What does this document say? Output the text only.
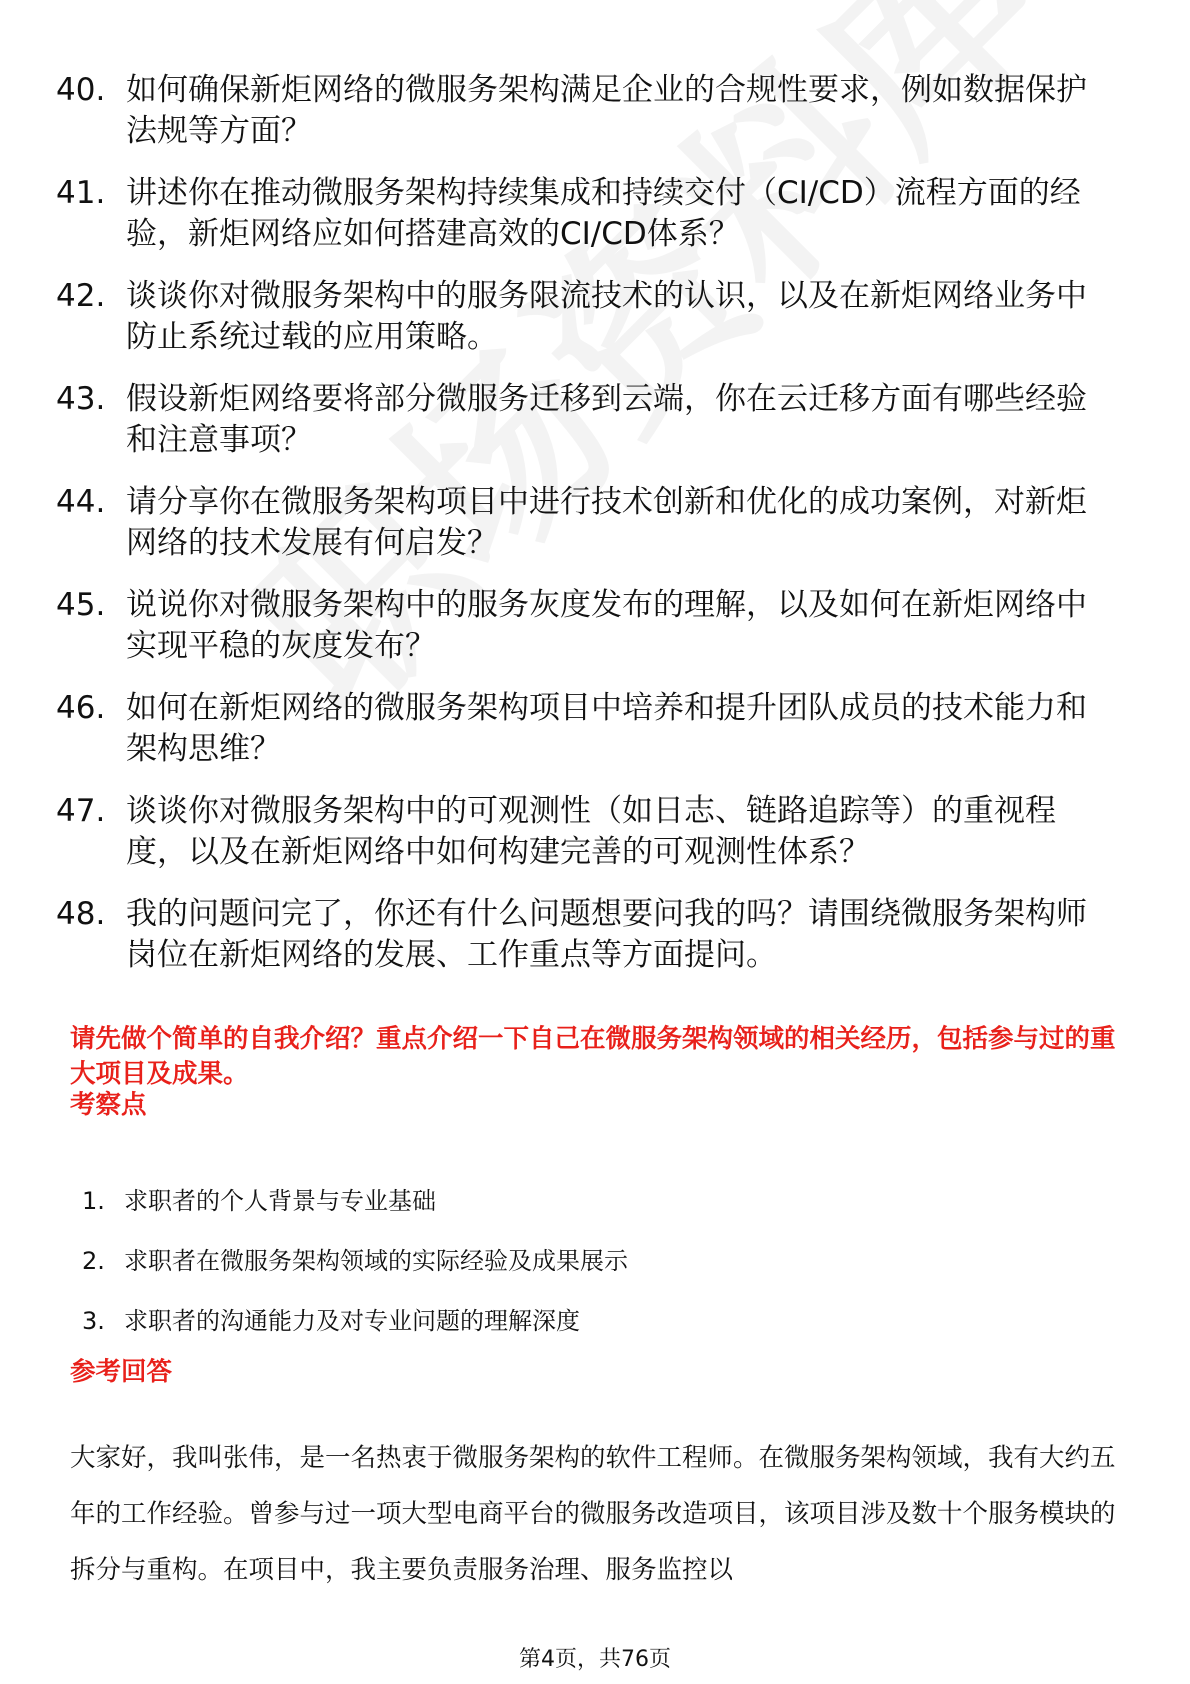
40. 如何确保新炬网络的微服务架构满足企业的合规性要求，例如数据保护法规等方面？
41. 讲述你在推动微服务架构持续集成和持续交付（CI/CD）流程方面的经验，新炬网络应如何搭建高效的CI/CD体系？
42. 谈谈你对微服务架构中的服务限流技术的认识，以及在新炬网络业务中防止系统过载的应用策略。
43. 假设新炬网络要将部分微服务迁移到云端，你在云迁移方面有哪些经验和注意事项？
44. 请分享你在微服务架构项目中进行技术创新和优化的成功案例，对新炬网络的技术发展有何启发？
45. 说说你对微服务架构中的服务灰度发布的理解，以及如何在新炬网络中实现平稳的灰度发布？
46. 如何在新炬网络的微服务架构项目中培养和提升团队成员的技术能力和架构思维？
47. 谈谈你对微服务架构中的可观测性（如日志、链路追踪等）的重视程度，以及在新炬网络中如何构建完善的可观测性体系？
48. 我的问题问完了，你还有什么问题想要问我的吗？请围绕微服务架构师岗位在新炬网络的发展、工作重点等方面提问。
请先做个简单的自我介绍？重点介绍一下自己在微服务架构领域的相关经历，包括参与过的重大项目及成果。
考察点
1. 求职者的个人背景与专业基础
2. 求职者在微服务架构领域的实际经验及成果展示
3. 求职者的沟通能力及对专业问题的理解深度
参考回答

大家好，我叫张伟，是一名热衷于微服务架构的软件工程师。在微服务架构领域，我有大约五年的工作经验。曾参与过一项大型电商平台的微服务改造项目，该项目涉及数十个服务模块的拆分与重构。在项目中，我主要负责服务治理、服务监控以

第4页，共76页
